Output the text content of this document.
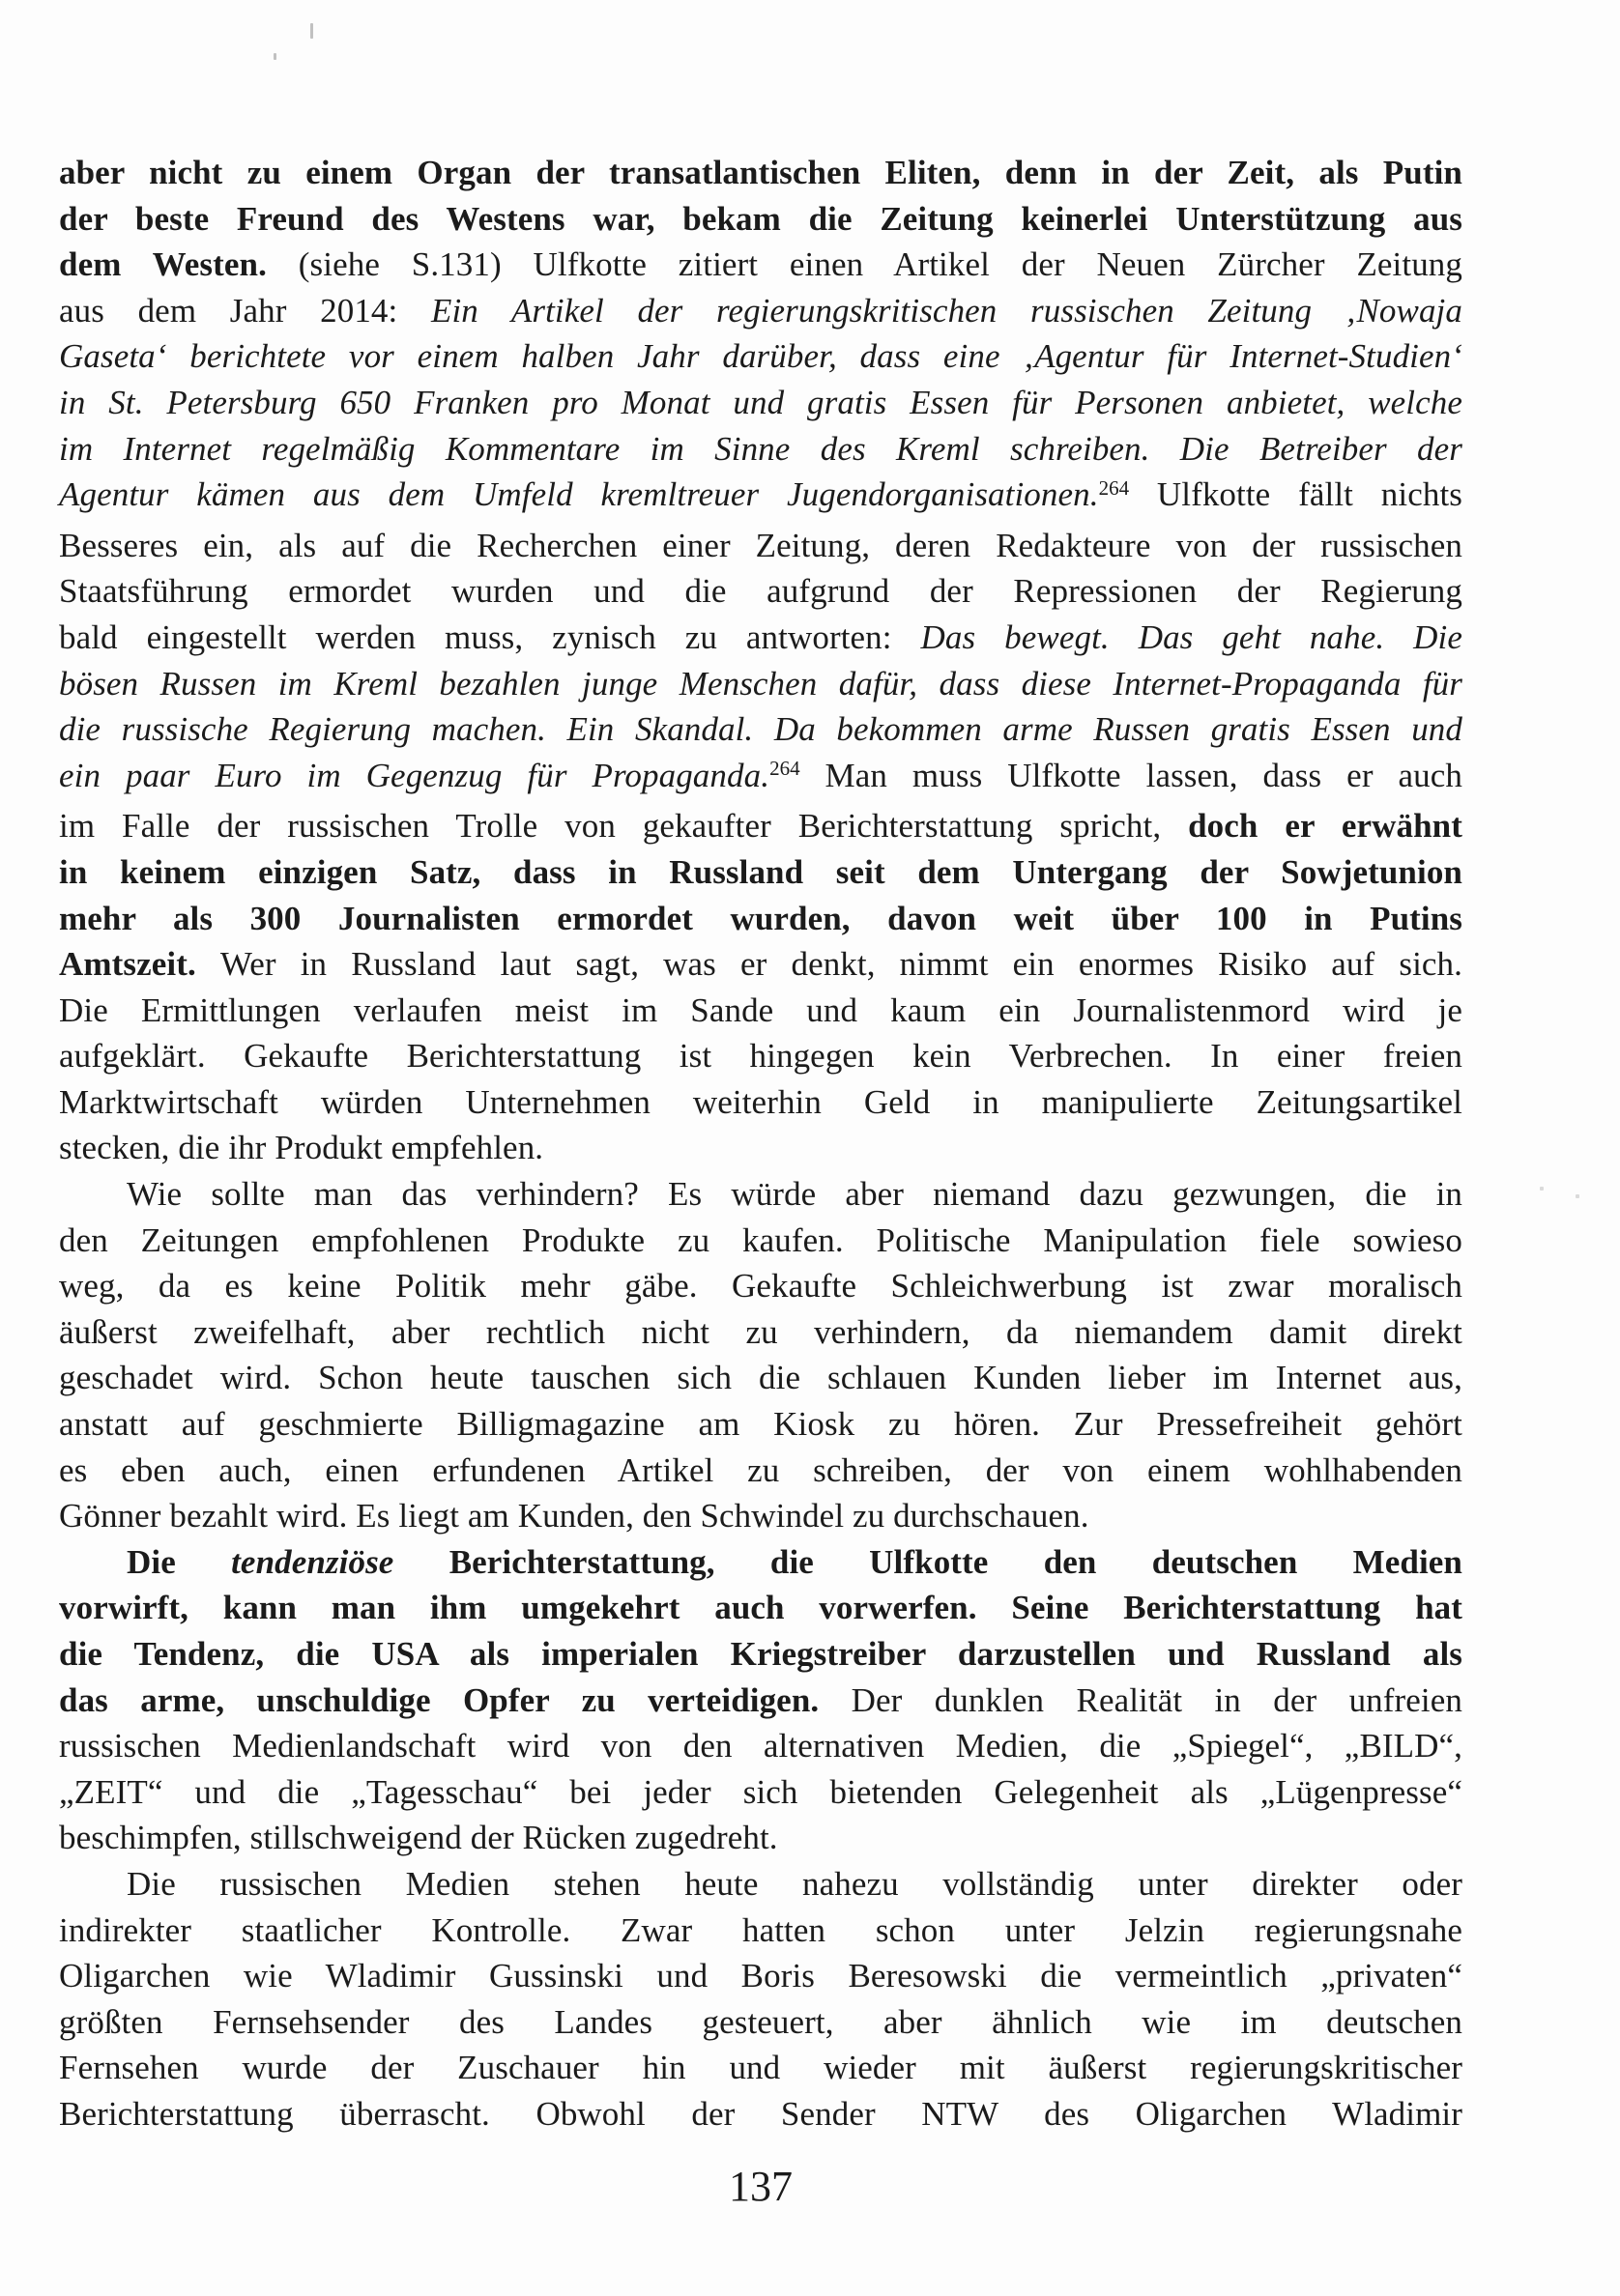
aber nicht zu einem Organ der transatlantischen Eliten, denn in der Zeit, als Putin
der beste Freund des Westens war, bekam die Zeitung keinerlei Unterstützung aus
dem Westen. (siehe S.131) Ulfkotte zitiert einen Artikel der Neuen Zürcher Zeitung
aus dem Jahr 2014: Ein Artikel der regierungskritischen russischen Zeitung ‚Nowaja
Gaseta‘ berichtete vor einem halben Jahr darüber, dass eine ‚Agentur für Internet-Studien‘
in St. Petersburg 650 Franken pro Monat und gratis Essen für Personen anbietet, welche
im Internet regelmäßig Kommentare im Sinne des Kreml schreiben. Die Betreiber der
Agentur kämen aus dem Umfeld kremltreuer Jugendorganisationen.$^{264}$ Ulfkotte fällt nichts
Besseres ein, als auf die Recherchen einer Zeitung, deren Redakteure von der russischen
Staatsführung ermordet wurden und die aufgrund der Repressionen der Regierung
bald eingestellt werden muss, zynisch zu antworten: Das bewegt. Das geht nahe. Die
bösen Russen im Kreml bezahlen junge Menschen dafür, dass diese Internet-Propaganda für
die russische Regierung machen. Ein Skandal. Da bekommen arme Russen gratis Essen und
ein paar Euro im Gegenzug für Propaganda.$^{264}$ Man muss Ulfkotte lassen, dass er auch
im Falle der russischen Trolle von gekaufter Berichterstattung spricht, doch er erwähnt
in keinem einzigen Satz, dass in Russland seit dem Untergang der Sowjetunion
mehr als 300 Journalisten ermordet wurden, davon weit über 100 in Putins
Amtszeit. Wer in Russland laut sagt, was er denkt, nimmt ein enormes Risiko auf sich.
Die Ermittlungen verlaufen meist im Sande und kaum ein Journalistenmord wird je
aufgeklärt. Gekaufte Berichterstattung ist hingegen kein Verbrechen. In einer freien
Marktwirtschaft würden Unternehmen weiterhin Geld in manipulierte Zeitungsartikel
stecken, die ihr Produkt empfehlen.
Wie sollte man das verhindern? Es würde aber niemand dazu gezwungen, die in
den Zeitungen empfohlenen Produkte zu kaufen. Politische Manipulation fiele sowieso
weg, da es keine Politik mehr gäbe. Gekaufte Schleichwerbung ist zwar moralisch
äußerst zweifelhaft, aber rechtlich nicht zu verhindern, da niemandem damit direkt
geschadet wird. Schon heute tauschen sich die schlauen Kunden lieber im Internet aus,
anstatt auf geschmierte Billigmagazine am Kiosk zu hören. Zur Pressefreiheit gehört
es eben auch, einen erfundenen Artikel zu schreiben, der von einem wohlhabenden
Gönner bezahlt wird. Es liegt am Kunden, den Schwindel zu durchschauen.
Die tendenziöse Berichterstattung, die Ulfkotte den deutschen Medien
vorwirft, kann man ihm umgekehrt auch vorwerfen. Seine Berichterstattung hat
die Tendenz, die USA als imperialen Kriegstreiber darzustellen und Russland als
das arme, unschuldige Opfer zu verteidigen. Der dunklen Realität in der unfreien
russischen Medienlandschaft wird von den alternativen Medien, die „Spiegel“, „BILD“,
„ZEIT“ und die „Tagesschau“ bei jeder sich bietenden Gelegenheit als „Lügenpresse“
beschimpfen, stillschweigend der Rücken zugedreht.
Die russischen Medien stehen heute nahezu vollständig unter direkter oder
indirekter staatlicher Kontrolle. Zwar hatten schon unter Jelzin regierungsnahe
Oligarchen wie Wladimir Gussinski und Boris Beresowski die vermeintlich „privaten“
größten Fernsehsender des Landes gesteuert, aber ähnlich wie im deutschen
Fernsehen wurde der Zuschauer hin und wieder mit äußerst regierungskritischer
Berichterstattung überrascht. Obwohl der Sender NTW des Oligarchen Wladimir
137
